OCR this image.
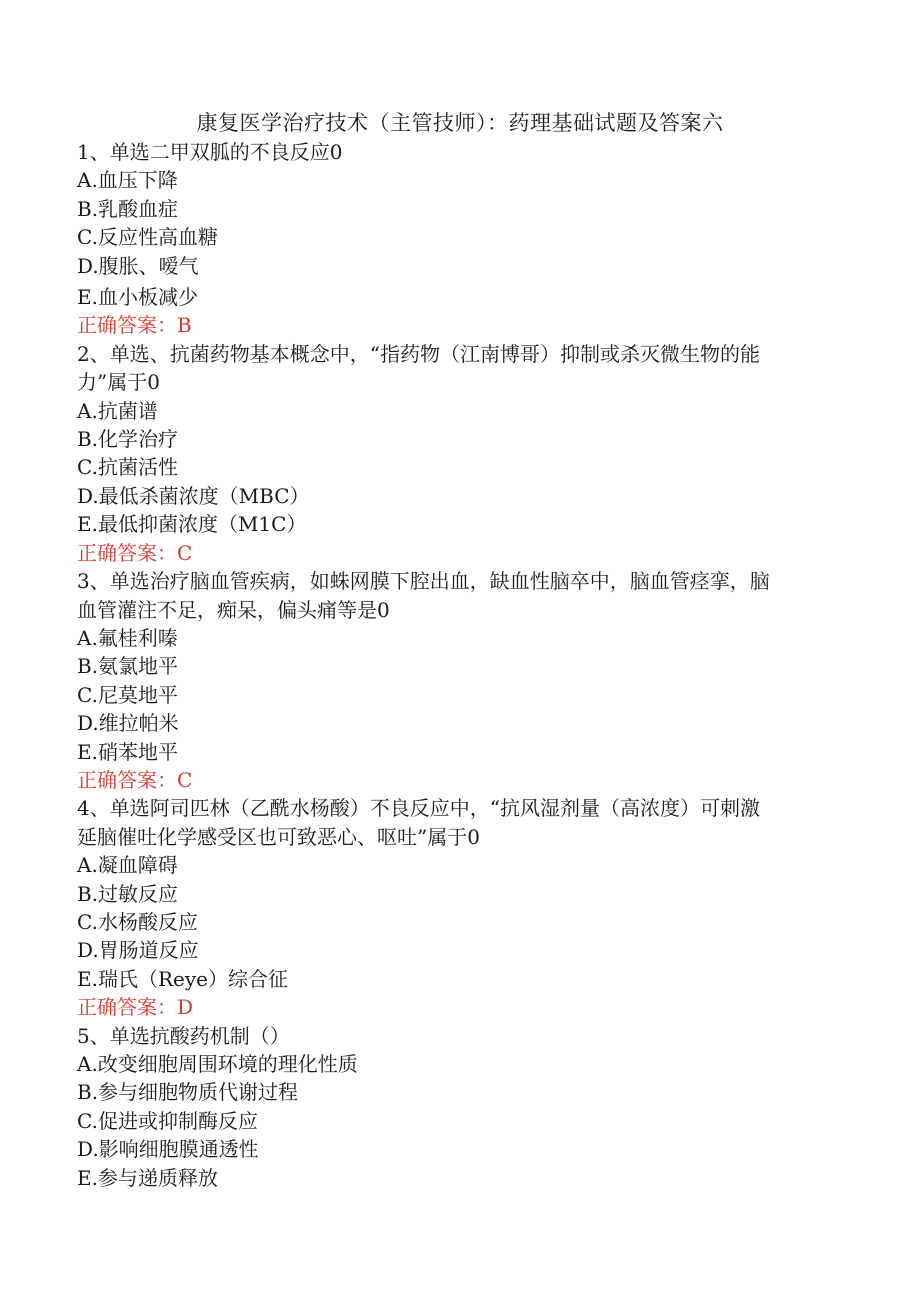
康复医学治疗技术（主管技师）：药理基础试题及答案六

1、单选二甲双胍的不良反应0

A.血压下降

B.乳酸血症

C.反应性高血糖

D.腹胀、嗳气

E.血小板减少

正确答案：B

2、单选、抗菌药物基本概念中，“指药物（江南博哥）抑制或杀灭微生物的能

力”属于0

A.抗菌谱

B.化学治疗

C.抗菌活性

D.最低杀菌浓度（MBC）

E.最低抑菌浓度（M1C）

正确答案：C

3、单选治疗脑血管疾病，如蛛网膜下腔出血，缺血性脑卒中，脑血管痉挛，脑

血管灌注不足，痴呆，偏头痛等是0

A.氟桂利嗪

B.氨氯地平

C.尼莫地平

D.维拉帕米

E.硝苯地平

正确答案：C

4、单选阿司匹林（乙酰水杨酸）不良反应中，“抗风湿剂量（高浓度）可刺激

延脑催吐化学感受区也可致恶心、呕吐”属于0

A.凝血障碍

B.过敏反应

C.水杨酸反应

D.胃肠道反应

E.瑞氏（Reye）综合征

正确答案：D

5、单选抗酸药机制（）

A.改变细胞周围环境的理化性质

B.参与细胞物质代谢过程

C.促进或抑制酶反应

D.影响细胞膜通透性

E.参与递质释放
